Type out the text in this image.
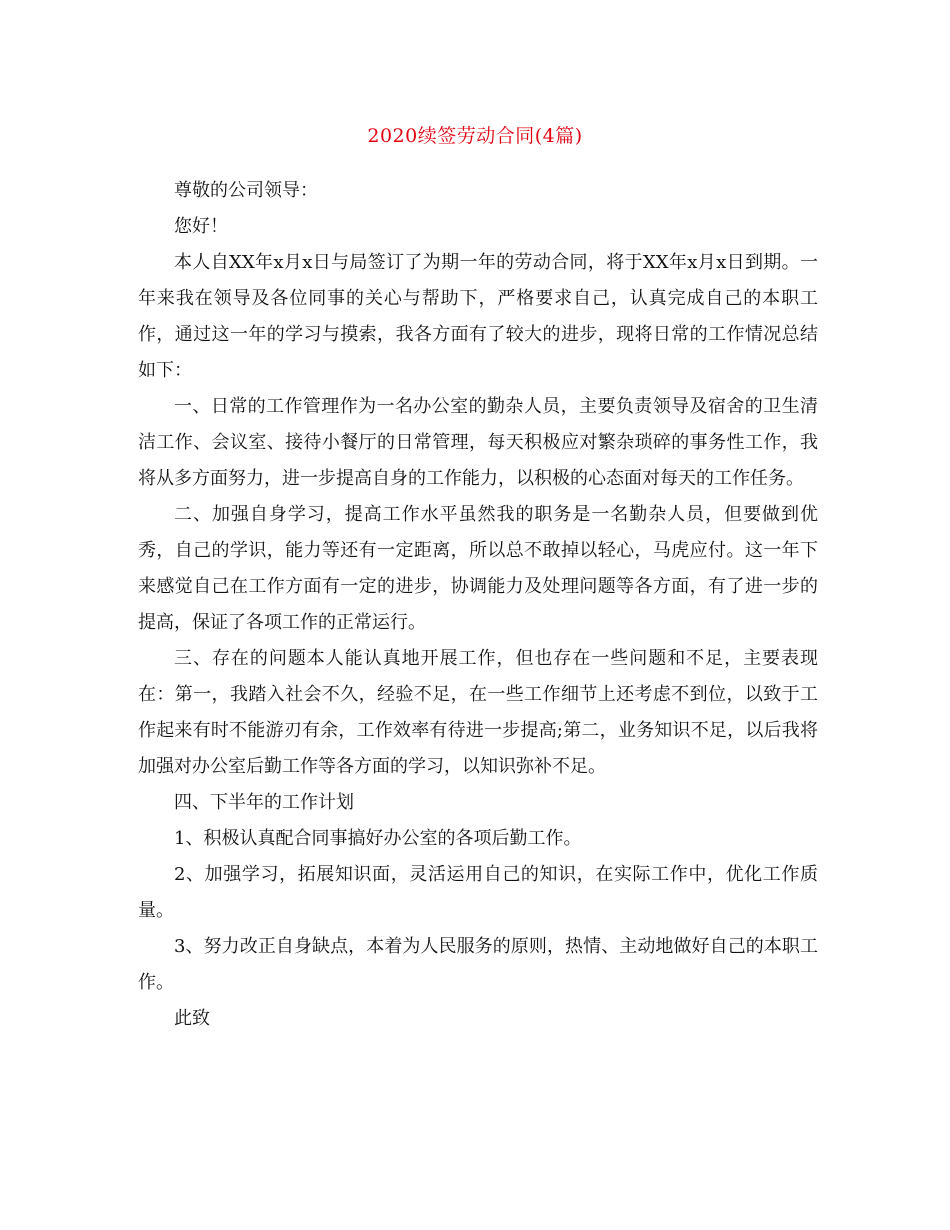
2020续签劳动合同(4篇)

尊敬的公司领导：

您好！

本人自XX年x月x日与局签订了为期一年的劳动合同，将于XX年x月x日到期。一年来我在领导及各位同事的关心与帮助下，严格要求自己，认真完成自己的本职工作，通过这一年的学习与摸索，我各方面有了较大的进步，现将日常的工作情况总结如下：

一、日常的工作管理作为一名办公室的勤杂人员，主要负责领导及宿舍的卫生清洁工作、会议室、接待小餐厅的日常管理，每天积极应对繁杂琐碎的事务性工作，我将从多方面努力，进一步提高自身的工作能力，以积极的心态面对每天的工作任务。

二、加强自身学习，提高工作水平虽然我的职务是一名勤杂人员，但要做到优秀，自己的学识，能力等还有一定距离，所以总不敢掉以轻心，马虎应付。这一年下来感觉自己在工作方面有一定的进步，协调能力及处理问题等各方面，有了进一步的提高，保证了各项工作的正常运行。

三、存在的问题本人能认真地开展工作，但也存在一些问题和不足，主要表现在：第一，我踏入社会不久，经验不足，在一些工作细节上还考虑不到位，以致于工作起来有时不能游刃有余，工作效率有待进一步提高;第二，业务知识不足，以后我将加强对办公室后勤工作等各方面的学习，以知识弥补不足。

四、下半年的工作计划

1、积极认真配合同事搞好办公室的各项后勤工作。

2、加强学习，拓展知识面，灵活运用自己的知识，在实际工作中，优化工作质量。

3、努力改正自身缺点，本着为人民服务的原则，热情、主动地做好自己的本职工作。

此致
